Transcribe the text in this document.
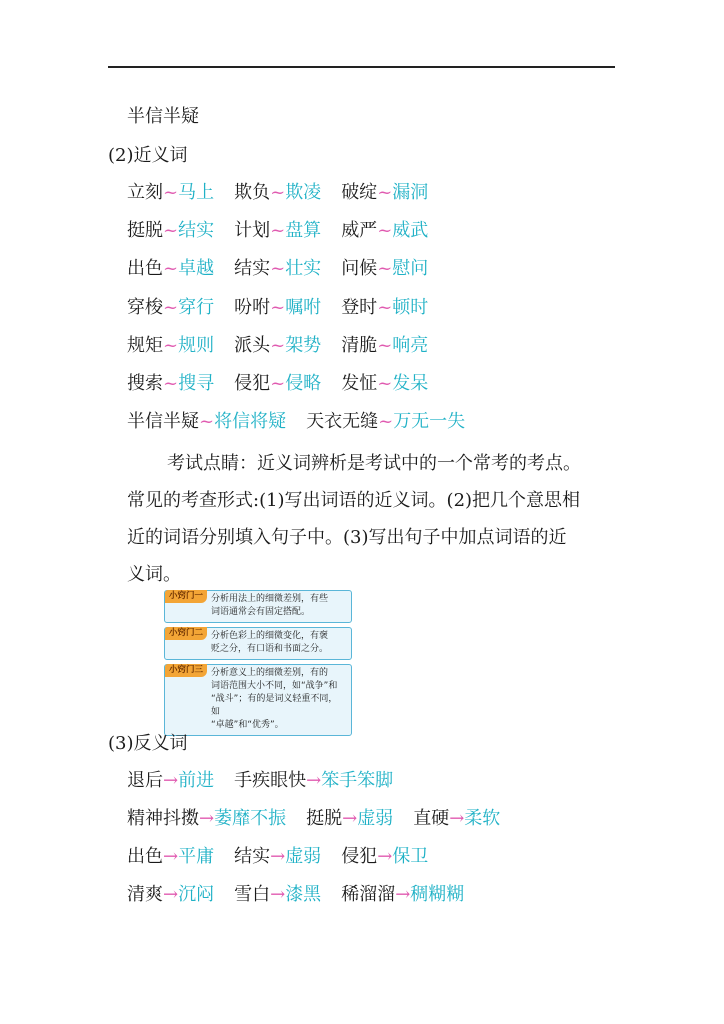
半信半疑
(2)近义词
立刻~马上 欺负~欺凌 破绽~漏洞
挺脱~结实 计划~盘算 威严~威武
出色~卓越 结实~壮实 问候~慰问
穿梭~穿行 吩咐~嘱咐 登时~顿时
规矩~规则 派头~架势 清脆~响亮
搜索~搜寻 侵犯~侵略 发怔~发呆
半信半疑~将信将疑 天衣无缝~万无一失
考试点睛：近义词辨析是考试中的一个常考的考点。
常见的考查形式:(1)写出词语的近义词。(2)把几个意思相
近的词语分别填入句子中。(3)写出句子中加点词语的近
义词。
小窍门一 分析用法上的细微差别，有些
词语通常会有固定搭配。
小窍门二 分析色彩上的细微变化，有褒
贬之分，有口语和书面之分。
小窍门三 分析意义上的细微差别，有的
词语范围大小不同，如“战争”和
“战斗”；有的是词义轻重不同，如
“卓越”和“优秀”。
(3)反义词
退后→前进 手疾眼快→笨手笨脚
精神抖擞→萎靡不振 挺脱→虚弱 直硬→柔软
出色→平庸 结实→虚弱 侵犯→保卫
清爽→沉闷 雪白→漆黑 稀溜溜→稠糊糊
